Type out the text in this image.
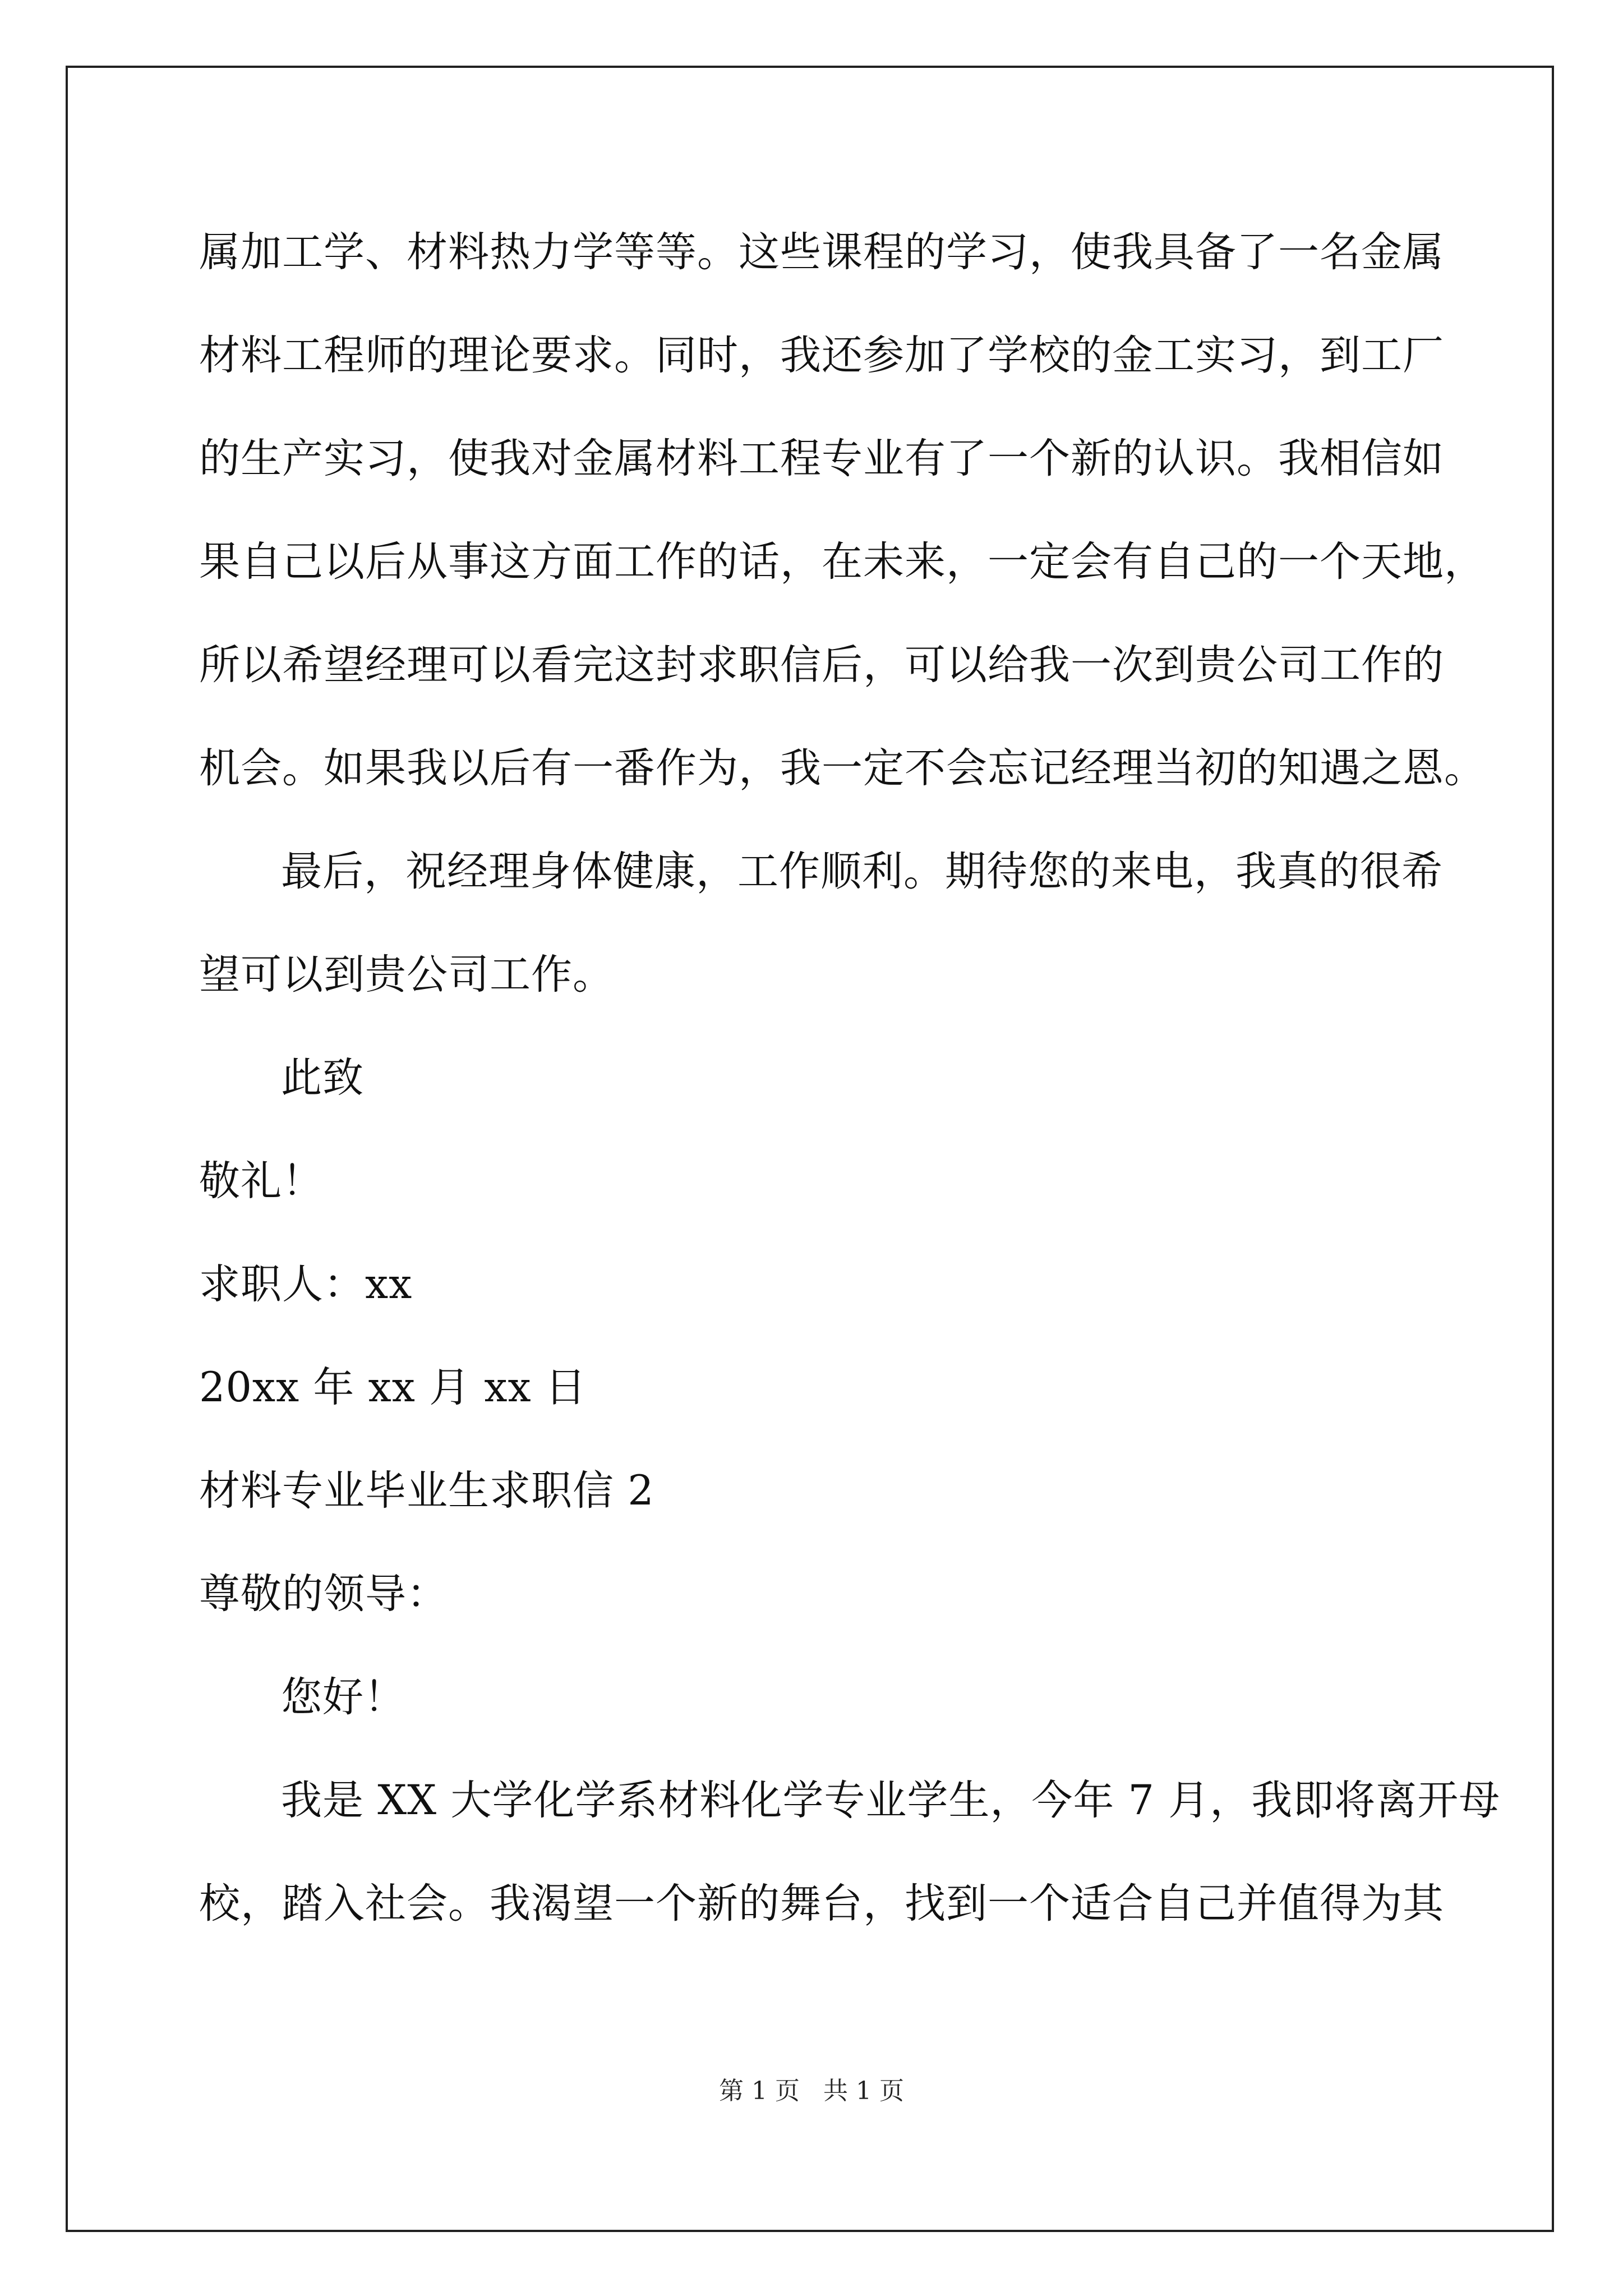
属加工学、材料热力学等等。这些课程的学习，使我具备了一名金属
材料工程师的理论要求。同时，我还参加了学校的金工实习，到工厂
的生产实习，使我对金属材料工程专业有了一个新的认识。我相信如
果自己以后从事这方面工作的话，在未来，一定会有自己的一个天地，
所以希望经理可以看完这封求职信后，可以给我一次到贵公司工作的
机会。如果我以后有一番作为，我一定不会忘记经理当初的知遇之恩。
最后，祝经理身体健康，工作顺利。期待您的来电，我真的很希
望可以到贵公司工作。
此致
敬礼！
求职人：xx
20xx 年 xx 月 xx 日
材料专业毕业生求职信 2
尊敬的领导：
您好！
我是 XX 大学化学系材料化学专业学生，今年 7 月，我即将离开母
校，踏入社会。我渴望一个新的舞台，找到一个适合自己并值得为其
第 1 页   共 1 页
